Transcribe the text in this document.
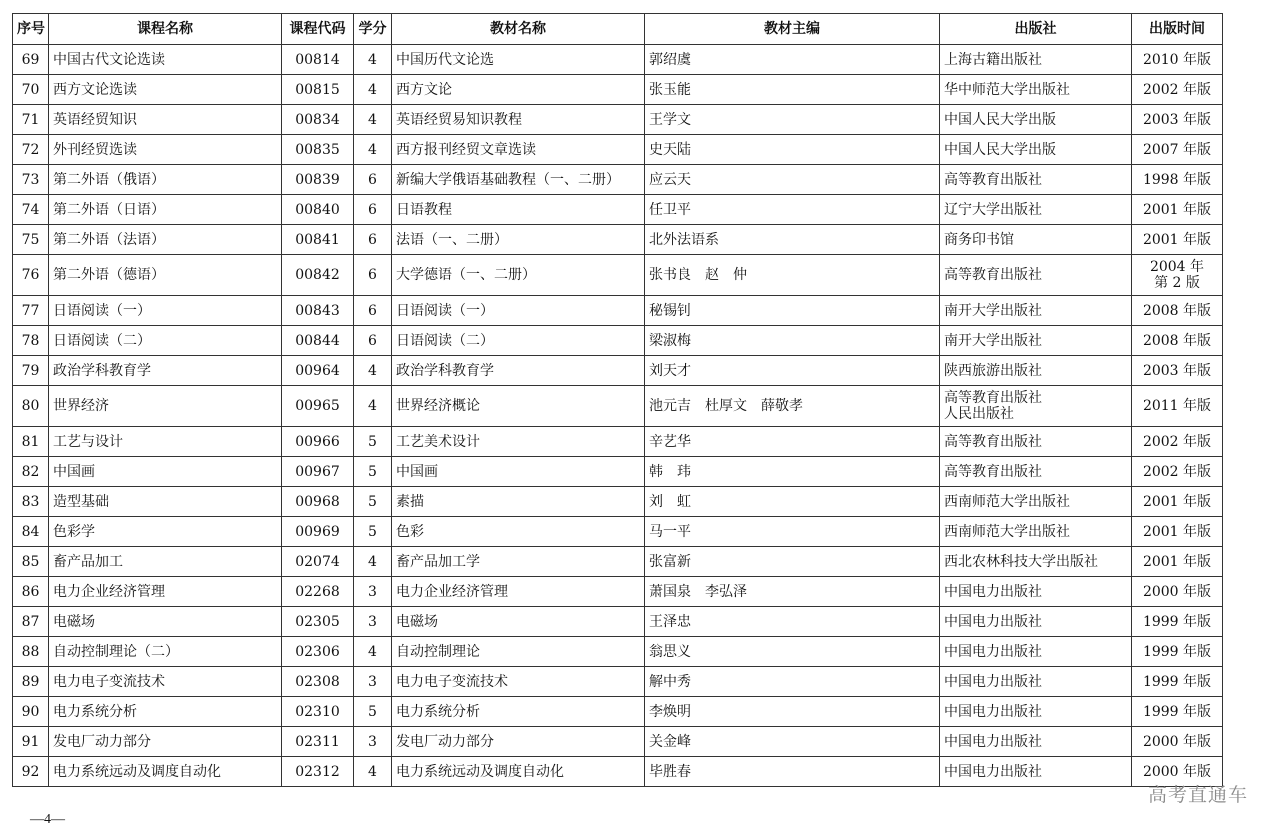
序号	课程名称	课程代码	学分	教材名称	教材主编	出版社	出版时间
69	中国古代文论选读	00814	4	中国历代文论选	郭绍虞	上海古籍出版社	2010 年版

70	西方文论选读	00815	4	西方文论	张玉能	华中师范大学出版社	2002 年版

71	英语经贸知识	00834	4	英语经贸易知识教程	王学文	中国人民大学出版	2003 年版

72	外刊经贸选读	00835	4	西方报刊经贸文章选读	史天陆	中国人民大学出版	2007 年版

73	第二外语（俄语）	00839	6	新编大学俄语基础教程（一、二册）	应云天	高等教育出版社	1998 年版

74	第二外语（日语）	00840	6	日语教程	任卫平	辽宁大学出版社	2001 年版

75	第二外语（法语）	00841	6	法语（一、二册）	北外法语系	商务印书馆	2001 年版

76	第二外语（德语）	00842	6	大学德语（一、二册）	张书良　赵　仲	高等教育出版社	2004 年
第 2 版

77	日语阅读（一）	00843	6	日语阅读（一）	秘锡钊	南开大学出版社	2008 年版

78	日语阅读（二）	00844	6	日语阅读（二）	梁淑梅	南开大学出版社	2008 年版

79	政治学科教育学	00964	4	政治学科教育学	刘天才	陕西旅游出版社	2003 年版

80	世界经济	00965	4	世界经济概论	池元吉　杜厚文　薛敬孝	高等教育出版社
人民出版社	2011 年版

81	工艺与设计	00966	5	工艺美术设计	辛艺华	高等教育出版社	2002 年版

82	中国画	00967	5	中国画	韩　玮	高等教育出版社	2002 年版

83	造型基础	00968	5	素描	刘　虹	西南师范大学出版社	2001 年版

84	色彩学	00969	5	色彩	马一平	西南师范大学出版社	2001 年版

85	畜产品加工	02074	4	畜产品加工学	张富新	西北农林科技大学出版社	2001 年版

86	电力企业经济管理	02268	3	电力企业经济管理	萧国泉　李弘泽	中国电力出版社	2000 年版

87	电磁场	02305	3	电磁场	王泽忠	中国电力出版社	1999 年版

88	自动控制理论（二）	02306	4	自动控制理论	翁思义	中国电力出版社	1999 年版

89	电力电子变流技术	02308	3	电力电子变流技术	解中秀	中国电力出版社	1999 年版

90	电力系统分析	02310	5	电力系统分析	李焕明	中国电力出版社	1999 年版

91	发电厂动力部分	02311	3	发电厂动力部分	关金峰	中国电力出版社	2000 年版

92	电力系统远动及调度自动化	02312	4	电力系统远动及调度自动化	毕胜春	中国电力出版社	2000 年版
—4—
高考直通车
